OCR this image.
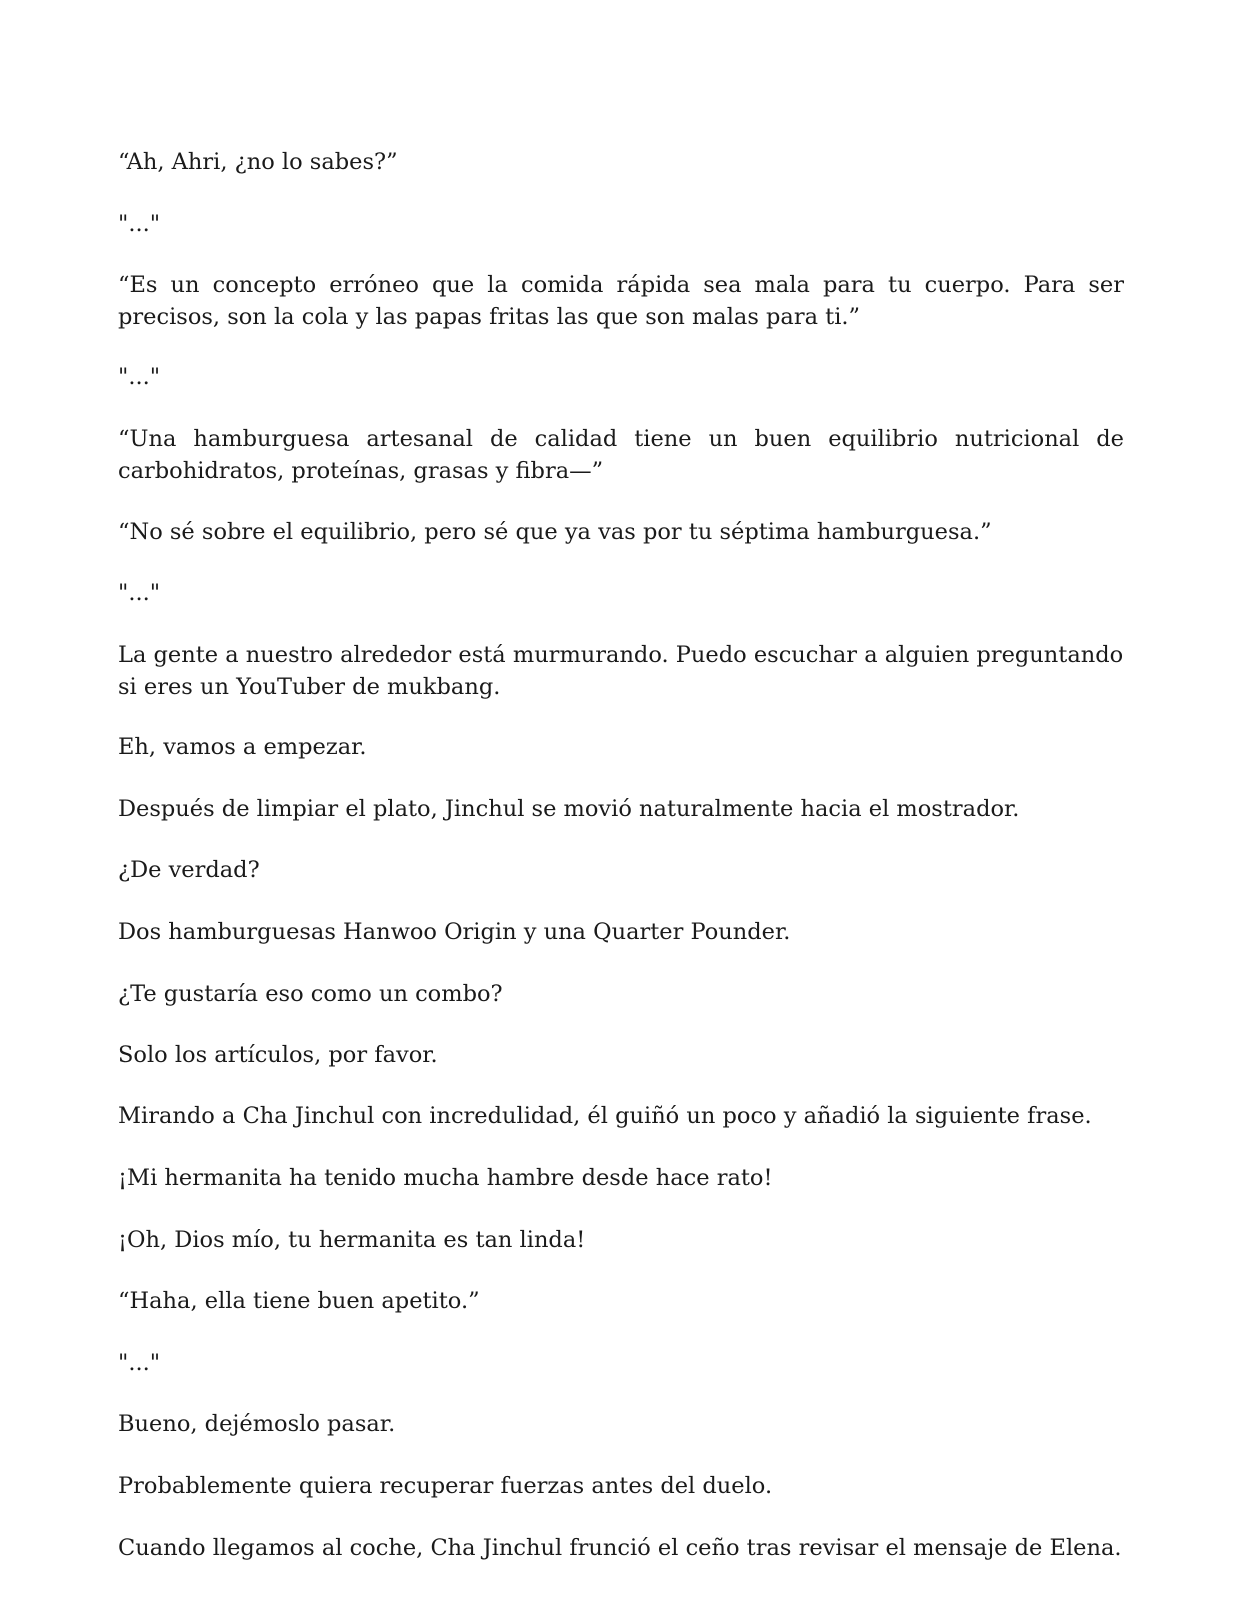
“Ah, Ahri, ¿no lo sabes?”

"..."

“Es un concepto erróneo que la comida rápida sea mala para tu cuerpo. Para ser precisos, son la cola y las papas fritas las que son malas para ti.”

"..."

“Una hamburguesa artesanal de calidad tiene un buen equilibrio nutricional de carbohidratos, proteínas, grasas y fibra—”

“No sé sobre el equilibrio, pero sé que ya vas por tu séptima hamburguesa.”

"..."

La gente a nuestro alrededor está murmurando. Puedo escuchar a alguien preguntando si eres un YouTuber de mukbang.

Eh, vamos a empezar.

Después de limpiar el plato, Jinchul se movió naturalmente hacia el mostrador.

¿De verdad?

Dos hamburguesas Hanwoo Origin y una Quarter Pounder.

¿Te gustaría eso como un combo?

Solo los artículos, por favor.

Mirando a Cha Jinchul con incredulidad, él guiñó un poco y añadió la siguiente frase.

¡Mi hermanita ha tenido mucha hambre desde hace rato!

¡Oh, Dios mío, tu hermanita es tan linda!

“Haha, ella tiene buen apetito.”

"..."

Bueno, dejémoslo pasar.

Probablemente quiera recuperar fuerzas antes del duelo.

Cuando llegamos al coche, Cha Jinchul frunció el ceño tras revisar el mensaje de Elena.
